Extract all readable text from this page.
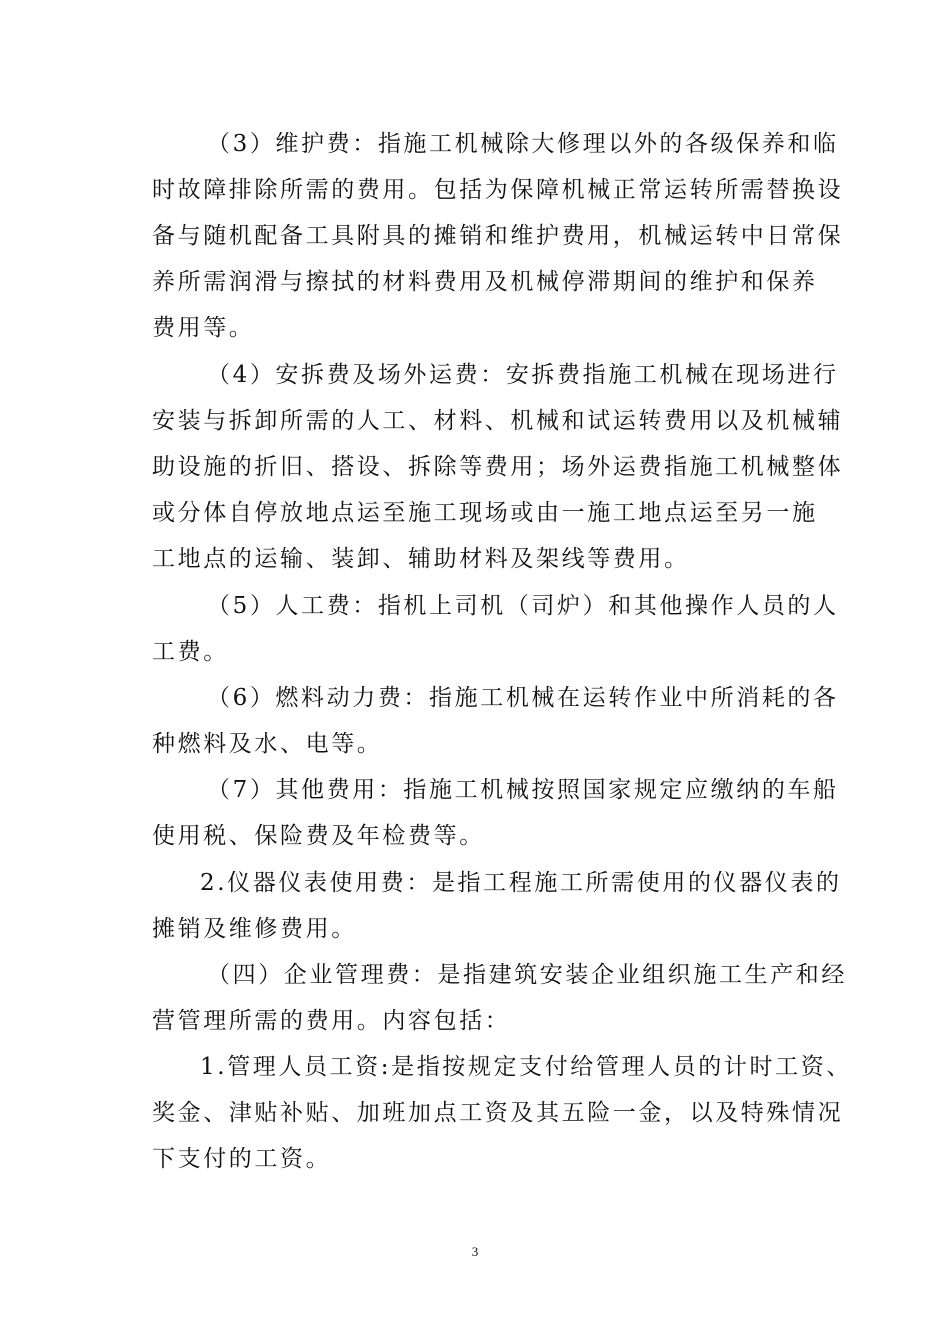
（3）维护费：指施工机械除大修理以外的各级保养和临
时故障排除所需的费用。包括为保障机械正常运转所需替换设
备与随机配备工具附具的摊销和维护费用，机械运转中日常保
养所需润滑与擦拭的材料费用及机械停滞期间的维护和保养
费用等。
（4）安拆费及场外运费：安拆费指施工机械在现场进行
安装与拆卸所需的人工、材料、机械和试运转费用以及机械辅
助设施的折旧、搭设、拆除等费用；场外运费指施工机械整体
或分体自停放地点运至施工现场或由一施工地点运至另一施
工地点的运输、装卸、辅助材料及架线等费用。
（5）人工费：指机上司机（司炉）和其他操作人员的人
工费。
（6）燃料动力费：指施工机械在运转作业中所消耗的各
种燃料及水、电等。
（7）其他费用：指施工机械按照国家规定应缴纳的车船
使用税、保险费及年检费等。
2.仪器仪表使用费：是指工程施工所需使用的仪器仪表的
摊销及维修费用。
（四）企业管理费：是指建筑安装企业组织施工生产和经
营管理所需的费用。内容包括：
1.管理人员工资:是指按规定支付给管理人员的计时工资、
奖金、津贴补贴、加班加点工资及其五险一金，以及特殊情况
下支付的工资。
3
